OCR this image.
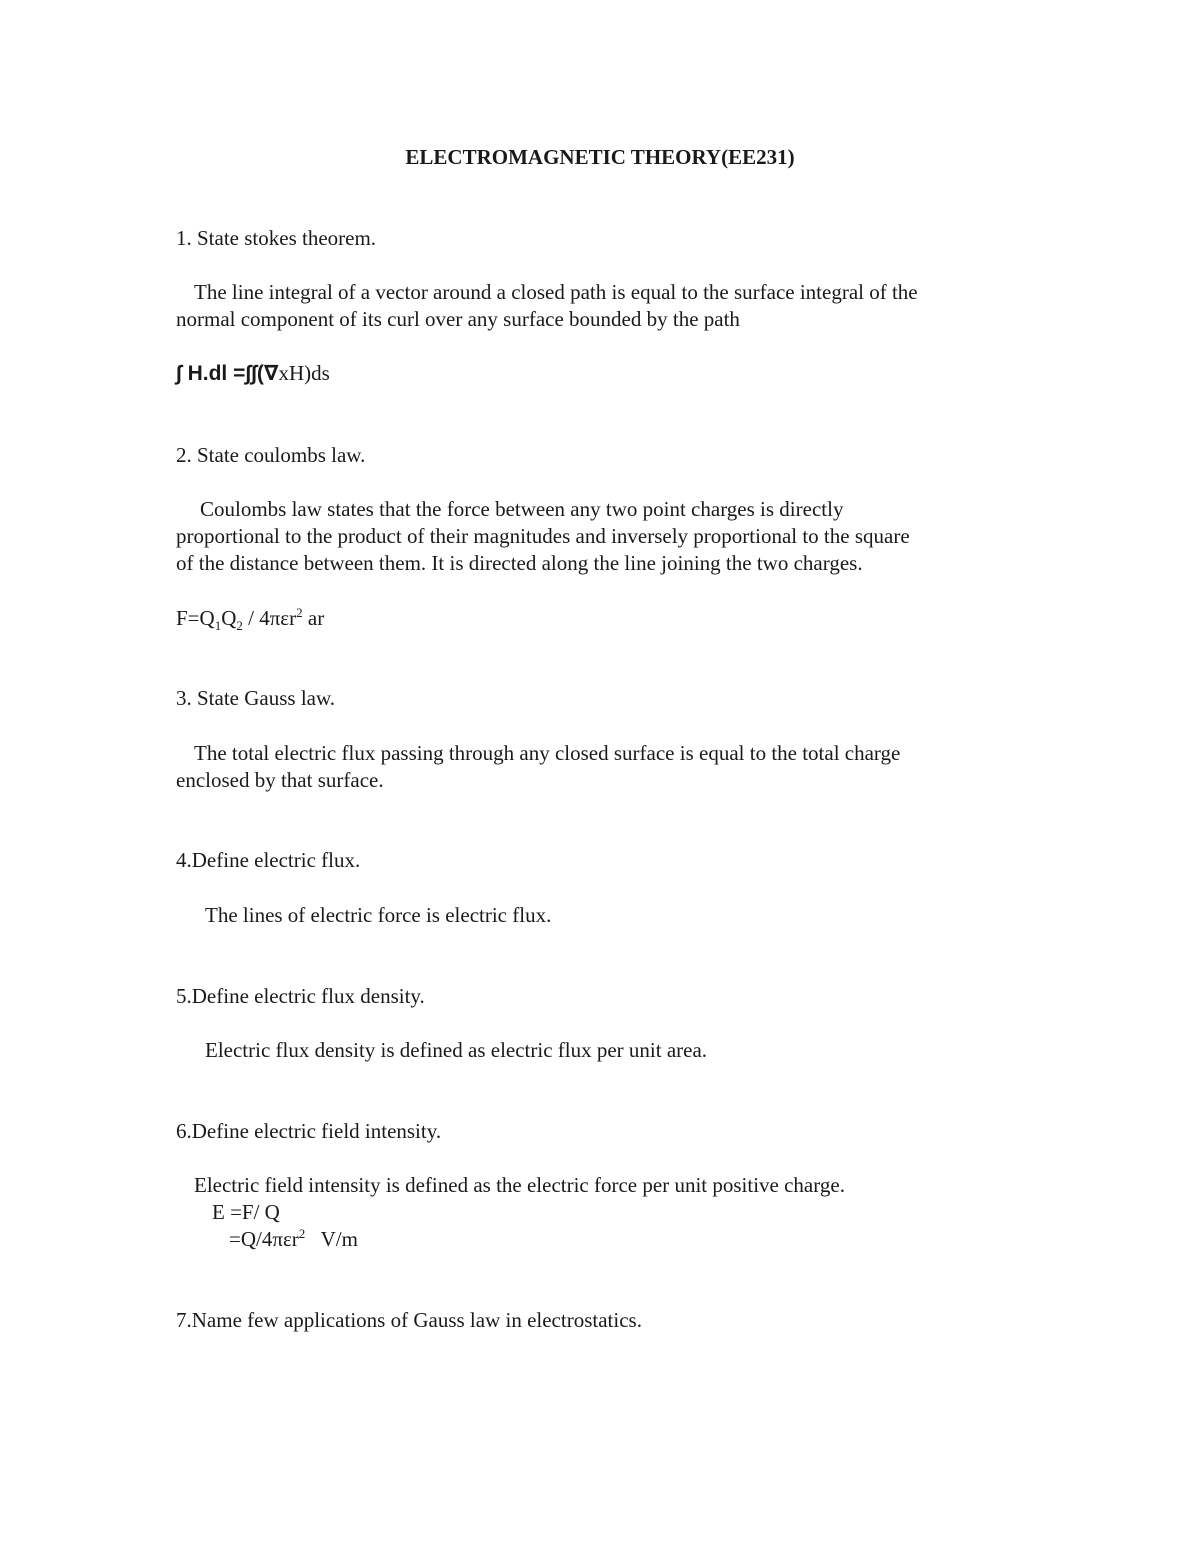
ELECTROMAGNETIC THEORY(EE231)

1. State stokes theorem.

The line integral of a vector around a closed path is equal to the surface integral of the

normal component of its curl over any surface bounded by the path

∫ H.dl =∫∫(∇xH)ds

2. State coulombs law.

Coulombs law states that the force between any two point charges is directly

proportional to the product of their magnitudes and inversely proportional to the square

of the distance between them. It is directed along the line joining the two charges.

$F=Q_1Q_2 / 4\pi\varepsilon r^2$ ar

3. State Gauss law.

The total electric flux passing through any closed surface is equal to the total charge

enclosed by that surface.

4.Define electric flux.

The lines of electric force is electric flux.

5.Define electric flux density.

Electric flux density is defined as electric flux per unit area.

6.Define electric field intensity.

Electric field intensity is defined as the electric force per unit positive charge.

E =F/ Q

=Q/4πεr$^2$   V/m

7.Name few applications of Gauss law in electrostatics.
